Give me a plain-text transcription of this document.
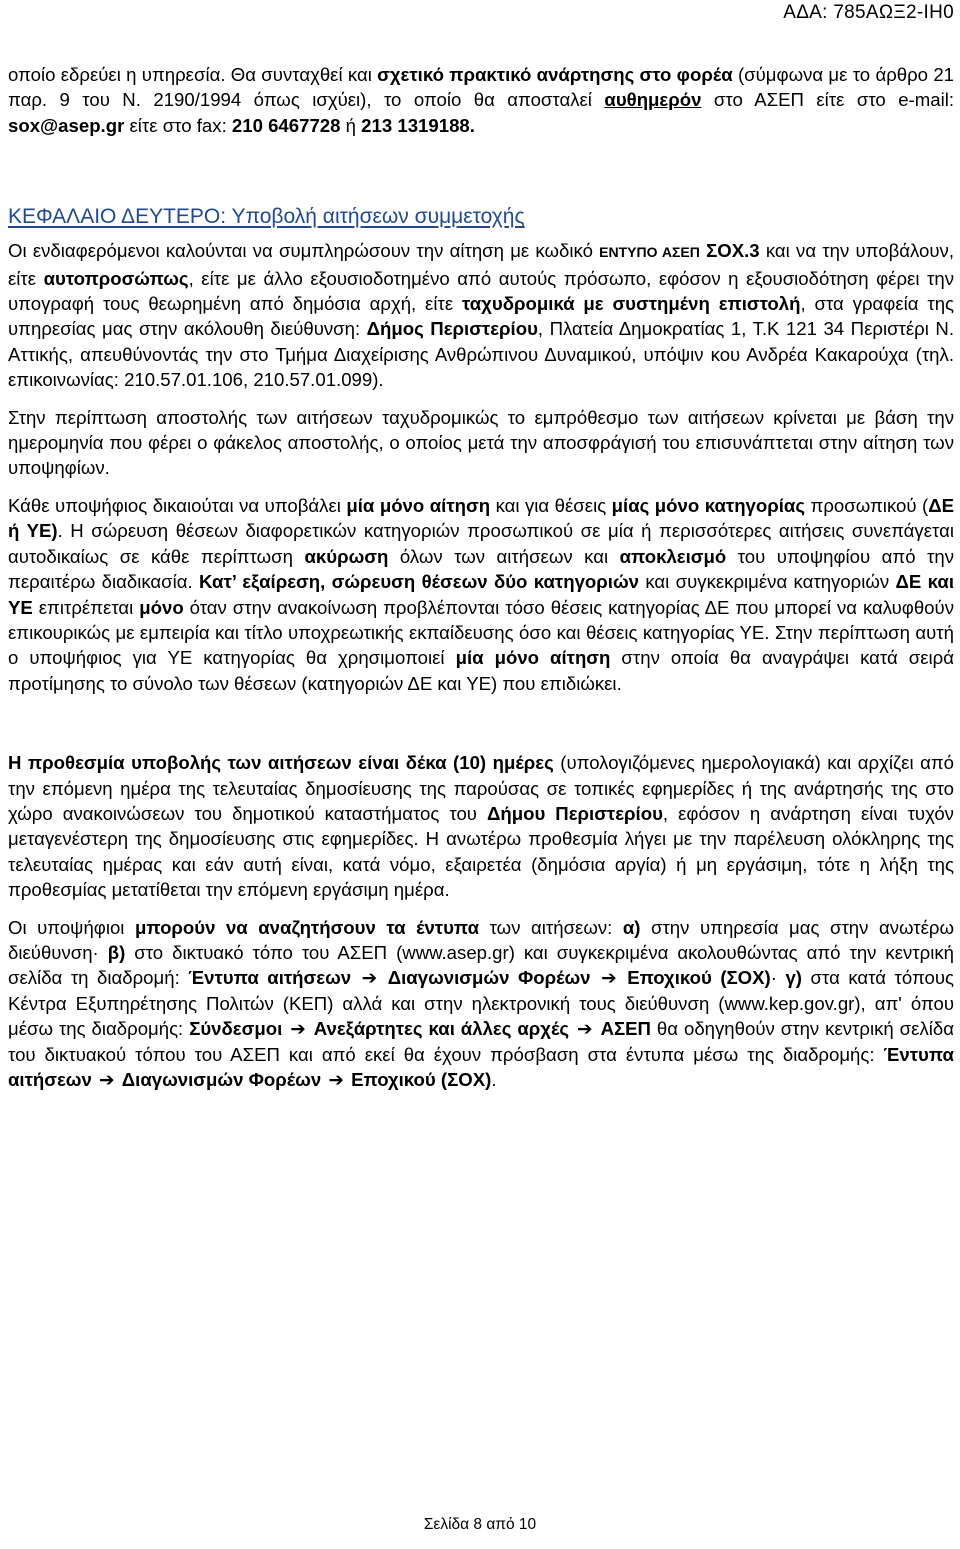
ΑΔΑ: 785ΑΩΞ2-ΙΗ0

οποίο εδρεύει η υπηρεσία. Θα συνταχθεί και σχετικό πρακτικό ανάρτησης στο φορέα (σύμφωνα με το άρθρο 21 παρ. 9 του Ν. 2190/1994 όπως ισχύει), το οποίο θα αποσταλεί αυθημερόν στο ΑΣΕΠ είτε στο e-mail: sox@asep.gr είτε στο fax: 210 6467728 ή 213 1319188.

ΚΕΦΑΛΑΙΟ ΔΕΥΤΕΡΟ: Υποβολή αιτήσεων συμμετοχής

Οι ενδιαφερόμενοι καλούνται να συμπληρώσουν την αίτηση με κωδικό ΕΝΤΥΠΟ ΑΣΕΠ ΣΟΧ.3 και να την υποβάλουν, είτε αυτοπροσώπως, είτε με άλλο εξουσιοδοτημένο από αυτούς πρόσωπο, εφόσον η εξουσιοδότηση φέρει την υπογραφή τους θεωρημένη από δημόσια αρχή, είτε ταχυδρομικά με συστημένη επιστολή, στα γραφεία της υπηρεσίας μας στην ακόλουθη διεύθυνση: Δήμος Περιστερίου, Πλατεία Δημοκρατίας 1, Τ.Κ 121 34 Περιστέρι Ν. Αττικής, απευθύνοντάς την στο Τμήμα Διαχείρισης Ανθρώπινου Δυναμικού, υπόψιν κου Ανδρέα Κακαρούχα (τηλ. επικοινωνίας: 210.57.01.106, 210.57.01.099).

Στην περίπτωση αποστολής των αιτήσεων ταχυδρομικώς το εμπρόθεσμο των αιτήσεων κρίνεται με βάση την ημερομηνία που φέρει ο φάκελος αποστολής, ο οποίος μετά την αποσφράγισή του επισυνάπτεται στην αίτηση των υποψηφίων.

Κάθε υποψήφιος δικαιούται να υποβάλει μία μόνο αίτηση και για θέσεις μίας μόνο κατηγορίας προσωπικού (ΔΕ ή ΥΕ). Η σώρευση θέσεων διαφορετικών κατηγοριών προσωπικού σε μία ή περισσότερες αιτήσεις συνεπάγεται αυτοδικαίως σε κάθε περίπτωση ακύρωση όλων των αιτήσεων και αποκλεισμό του υποψηφίου από την περαιτέρω διαδικασία. Κατ’ εξαίρεση, σώρευση θέσεων δύο κατηγοριών και συγκεκριμένα κατηγοριών ΔΕ και ΥΕ επιτρέπεται μόνο όταν στην ανακοίνωση προβλέπονται τόσο θέσεις κατηγορίας ΔΕ που μπορεί να καλυφθούν επικουρικώς με εμπειρία και τίτλο υποχρεωτικής εκπαίδευσης όσο και θέσεις κατηγορίας ΥΕ. Στην περίπτωση αυτή ο υποψήφιος για ΥΕ κατηγορίας θα χρησιμοποιεί μία μόνο αίτηση στην οποία θα αναγράψει κατά σειρά προτίμησης το σύνολο των θέσεων (κατηγοριών ΔΕ και ΥΕ) που επιδιώκει.

Η προθεσμία υποβολής των αιτήσεων είναι δέκα (10) ημέρες (υπολογιζόμενες ημερολογιακά) και αρχίζει από την επόμενη ημέρα της τελευταίας δημοσίευσης της παρούσας σε τοπικές εφημερίδες ή της ανάρτησής της στο χώρο ανακοινώσεων του δημοτικού καταστήματος του Δήμου Περιστερίου, εφόσον η ανάρτηση είναι τυχόν μεταγενέστερη της δημοσίευσης στις εφημερίδες. Η ανωτέρω προθεσμία λήγει με την παρέλευση ολόκληρης της τελευταίας ημέρας και εάν αυτή είναι, κατά νόμο, εξαιρετέα (δημόσια αργία) ή μη εργάσιμη, τότε η λήξη της προθεσμίας μετατίθεται την επόμενη εργάσιμη ημέρα.

Οι υποψήφιοι μπορούν να αναζητήσουν τα έντυπα των αιτήσεων: α) στην υπηρεσία μας στην ανωτέρω διεύθυνση· β) στο δικτυακό τόπο του ΑΣΕΠ (www.asep.gr) και συγκεκριμένα ακολουθώντας από την κεντρική σελίδα τη διαδρομή: Έντυπα αιτήσεων ➔ Διαγωνισμών Φορέων ➔ Εποχικού (ΣΟΧ)· γ) στα κατά τόπους Κέντρα Εξυπηρέτησης Πολιτών (ΚΕΠ) αλλά και στην ηλεκτρονική τους διεύθυνση (www.kep.gov.gr), απ' όπου μέσω της διαδρομής: Σύνδεσμοι ➔ Ανεξάρτητες και άλλες αρχές ➔ ΑΣΕΠ θα οδηγηθούν στην κεντρική σελίδα του δικτυακού τόπου του ΑΣΕΠ και από εκεί θα έχουν πρόσβαση στα έντυπα μέσω της διαδρομής: Έντυπα αιτήσεων ➔ Διαγωνισμών Φορέων ➔ Εποχικού (ΣΟΧ).

Σελίδα 8 από 10
